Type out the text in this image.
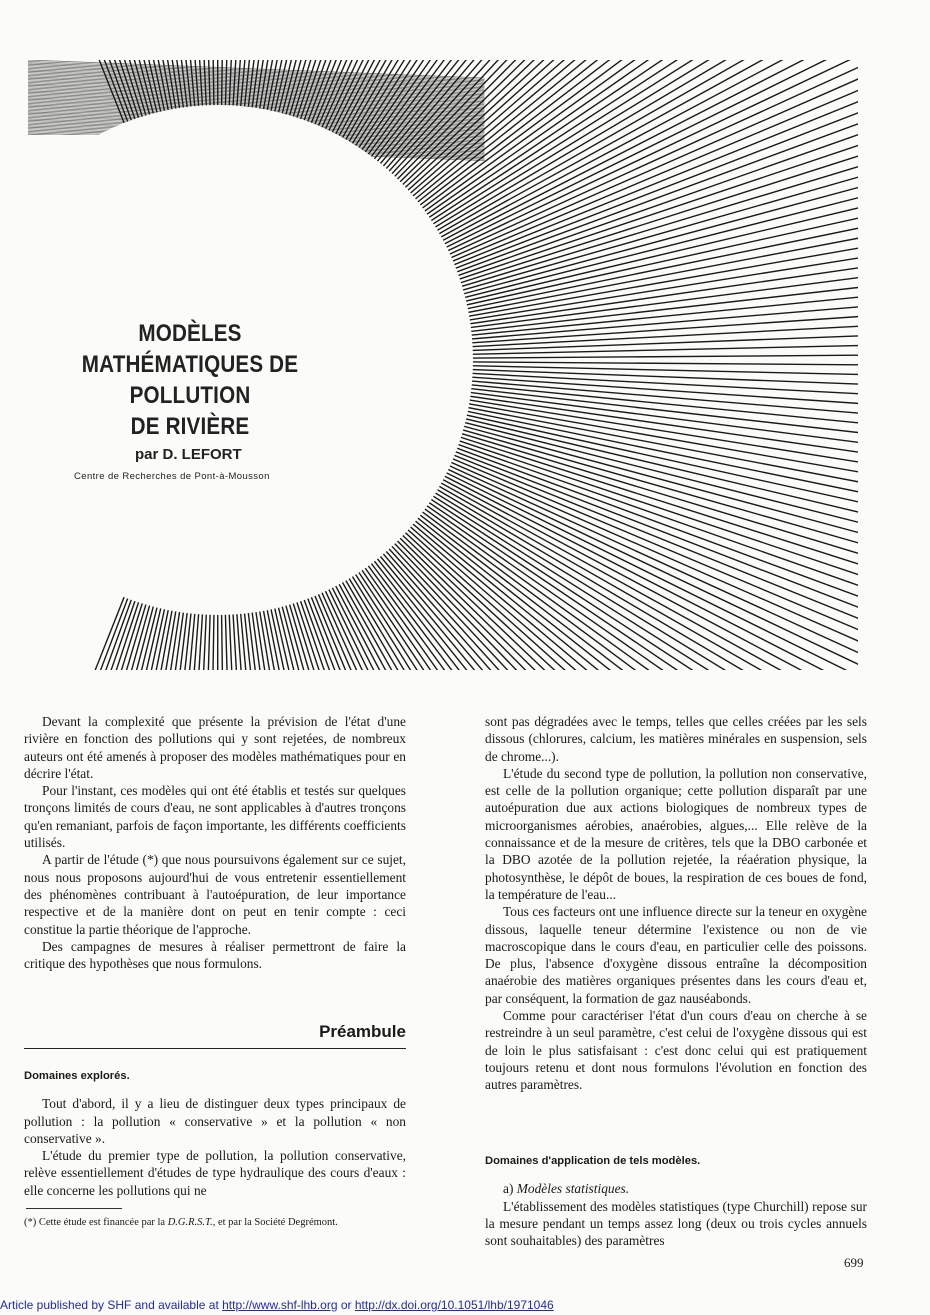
MODÈLES
MATHÉMATIQUES DE POLLUTION
DE RIVIÈRE
par D. LEFORT
Centre de Recherches de Pont-à-Mousson

Devant la complexité que présente la prévision de l'état d'une rivière en fonction des pollutions qui y sont rejetées, de nombreux auteurs ont été amenés à proposer des modèles mathématiques pour en décrire l'état.

Pour l'instant, ces modèles qui ont été établis et testés sur quelques tronçons limités de cours d'eau, ne sont applicables à d'autres tronçons qu'en remaniant, parfois de façon importante, les différents coefficients utilisés.

A partir de l'étude (*) que nous poursuivons également sur ce sujet, nous nous proposons aujourd'hui de vous entretenir essentiellement des phénomènes contribuant à l'autoépuration, de leur importance respective et de la manière dont on peut en tenir compte : ceci constitue la partie théorique de l'approche.

Des campagnes de mesures à réaliser permettront de faire la critique des hypothèses que nous formulons.

Préambule
Domaines explorés.

Tout d'abord, il y a lieu de distinguer deux types principaux de pollution : la pollution « conservative » et la pollution « non conservative ».

L'étude du premier type de pollution, la pollution conservative, relève essentiellement d'études de type hydraulique des cours d'eaux : elle concerne les pollutions qui ne

sont pas dégradées avec le temps, telles que celles créées par les sels dissous (chlorures, calcium, les matières minérales en suspension, sels de chrome...).

L'étude du second type de pollution, la pollution non conservative, est celle de la pollution organique; cette pollution disparaît par une autoépuration due aux actions biologiques de nombreux types de microorganismes aérobies, anaérobies, algues,... Elle relève de la connaissance et de la mesure de critères, tels que la DBO carbonée et la DBO azotée de la pollution rejetée, la réaération physique, la photosynthèse, le dépôt de boues, la respiration de ces boues de fond, la température de l'eau...

Tous ces facteurs ont une influence directe sur la teneur en oxygène dissous, laquelle teneur détermine l'existence ou non de vie macroscopique dans le cours d'eau, en particulier celle des poissons. De plus, l'absence d'oxygène dissous entraîne la décomposition anaérobie des matières organiques présentes dans les cours d'eau et, par conséquent, la formation de gaz nauséabonds.

Comme pour caractériser l'état d'un cours d'eau on cherche à se restreindre à un seul paramètre, c'est celui de l'oxygène dissous qui est de loin le plus satisfaisant : c'est donc celui qui est pratiquement toujours retenu et dont nous formulons l'évolution en fonction des autres paramètres.

Domaines d'application de tels modèles.

a) Modèles statistiques.

L'établissement des modèles statistiques (type Churchill) repose sur la mesure pendant un temps assez long (deux ou trois cycles annuels sont souhaitables) des paramètres

(*) Cette étude est financée par la D.G.R.S.T., et par la Société Degrémont.
699
Article published by SHF and available at http://www.shf-lhb.org or http://dx.doi.org/10.1051/lhb/1971046
